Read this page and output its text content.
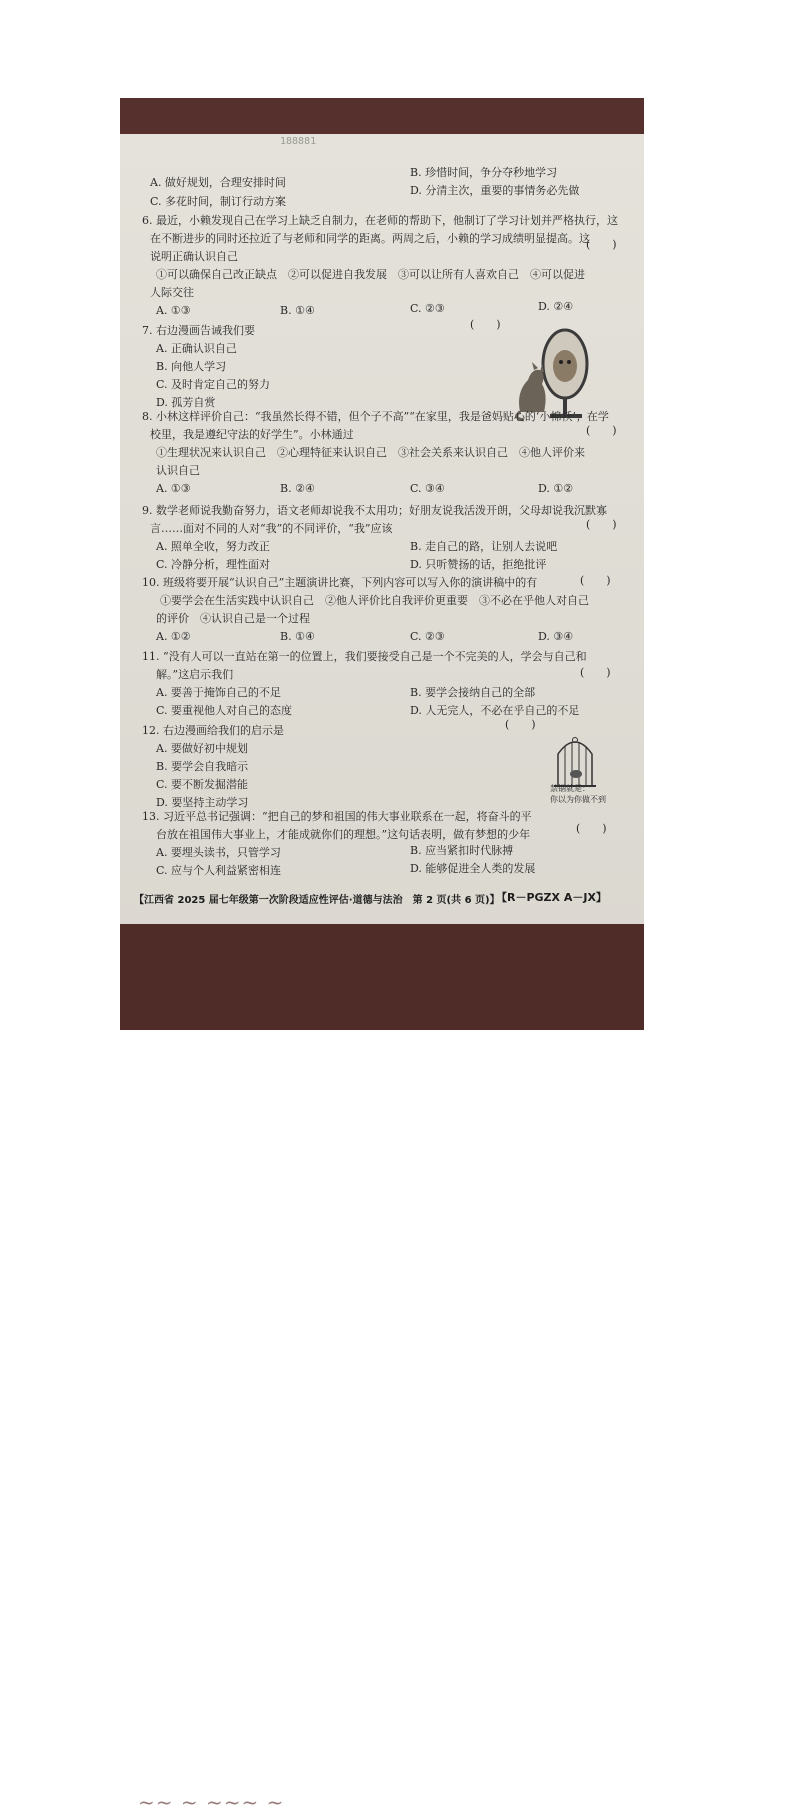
188881
A. 做好规划，合理安排时间
B. 珍惜时间，争分夺秒地学习
C. 多花时间，制订行动方案
D. 分清主次，重要的事情务必先做
6. 最近，小赖发现自己在学习上缺乏自制力，在老师的帮助下，他制订了学习计划并严格执行，这
在不断进步的同时还拉近了与老师和同学的距离。两周之后，小赖的学习成绩明显提高。这
(　　)
说明正确认识自己
①可以确保自己改正缺点　②可以促进自我发展　③可以让所有人喜欢自己　④可以促进
人际交往
A. ①③	B. ①④	C. ②③	D. ②④
(　　)
7. 右边漫画告诫我们要
A. 正确认识自己
B. 向他人学习
C. 及时肯定自己的努力
D. 孤芳自赏
8. 小林这样评价自己：“我虽然长得不错，但个子不高”“在家里，我是爸妈贴心的‘小棉袄’；在学
校里，我是遵纪守法的好学生”。小林通过	(　　)
①生理状况来认识自己　②心理特征来认识自己　③社会关系来认识自己　④他人评价来
认识自己
A. ①③	B. ②④	C. ③④	D. ①②
9. 数学老师说我勤奋努力，语文老师却说我不太用功；好朋友说我活泼开朗，父母却说我沉默寡
言……面对不同的人对“我”的不同评价，“我”应该	(　　)
A. 照单全收，努力改正	B. 走自己的路，让别人去说吧
C. 冷静分析，理性面对	D. 只听赞扬的话，拒绝批评
10. 班级将要开展“认识自己”主题演讲比赛，下列内容可以写入你的演讲稿中的有	(　　)
①要学会在生活实践中认识自己　②他人评价比自我评价更重要　③不必在乎他人对自己
的评价　④认识自己是一个过程
A. ①②	B. ①④	C. ②③	D. ③④
11. “没有人可以一直站在第一的位置上，我们要接受自己是一个不完美的人，学会与自己和
解。”这启示我们	(　　)
A. 要善于掩饰自己的不足	B. 要学会接纳自己的全部
C. 要重视他人对自己的态度	D. 人无完人，不必在乎自己的不足
12. 右边漫画给我们的启示是	(　　)
A. 要做好初中规划
B. 要学会自我暗示
C. 要不断发掘潜能
D. 要坚持主动学习
禁锢就是：
你以为你做不到
13. 习近平总书记强调：“把自己的梦和祖国的伟大事业联系在一起，将奋斗的平
台放在祖国伟大事业上，才能成就你们的理想。”这句话表明，做有梦想的少年	(　　)
A. 要埋头读书，只管学习	B. 应当紧扣时代脉搏
C. 应与个人利益紧密相连	D. 能够促进全人类的发展
【江西省 2025 届七年级第一次阶段适应性评估·道德与法治　第 2 页(共 6 页)】
【R－PGZX A－JX】
~~ ~ ~~~ ~
